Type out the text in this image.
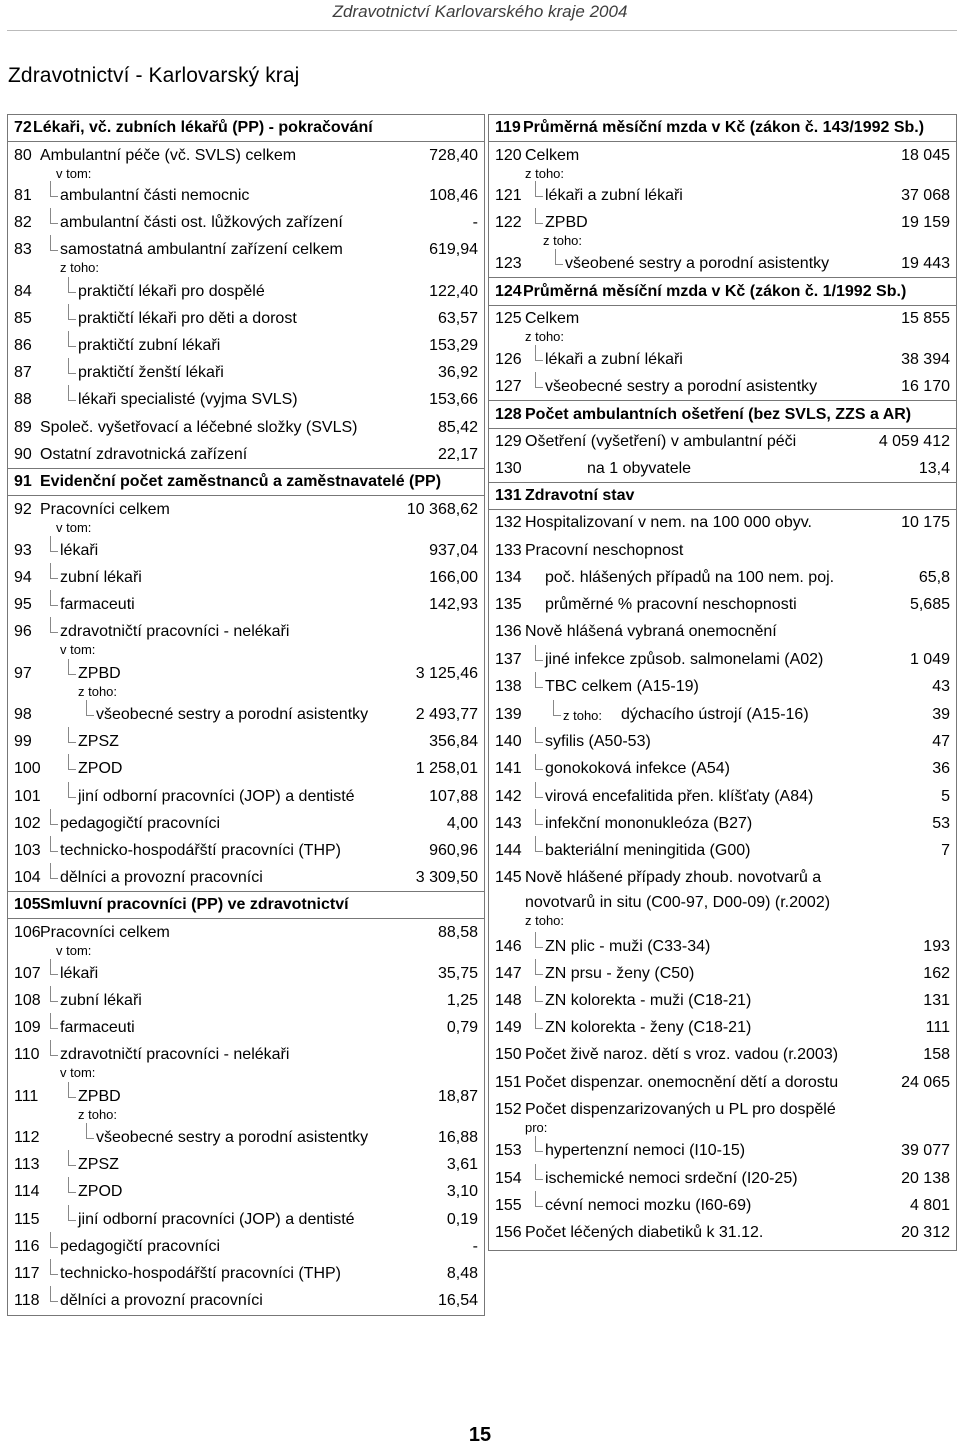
Zdravotnictví Karlovarského kraje 2004
Zdravotnictví - Karlovarský kraj
72 Lékaři, vč. zubních lékařů (PP) - pokračování
80 Ambulantní péče (vč. SVLS) celkem	728,40
v tom:
81	ambulantní části nemocnic	108,46
82	ambulantní části ost. lůžkových zařízení	-
83	samostatná ambulantní zařízení celkem	619,94
z toho:
84	praktičtí lékaři pro dospělé	122,40
85	praktičtí lékaři pro děti a dorost	63,57
86	praktičtí zubní lékaři	153,29
87	praktičtí ženští lékaři	36,92
88	lékaři specialisté (vyjma SVLS)	153,66
89 Společ. vyšetřovací a léčebné složky (SVLS)	85,42
90 Ostatní zdravotnická zařízení	22,17
91 Evidenční počet zaměstnanců a zaměstnavatelé (PP)
92 Pracovníci celkem	10 368,62
v tom:
93	lékaři	937,04
94	zubní lékaři	166,00
95	farmaceuti	142,93
96	zdravotničtí pracovníci - nelékaři
v tom:
97	ZPBD	3 125,46
z toho:
98	všeobecné sestry a porodní asistentky	2 493,77
99	ZPSZ	356,84
100 ZPOD	1 258,01
101 jiní odborní pracovníci (JOP) a dentisté	107,88
102 pedagogičtí pracovníci	4,00
103 technicko-hospodářští pracovníci (THP)	960,96
104 dělníci a provozní pracovníci	3 309,50
105 Smluvní pracovníci (PP) ve zdravotnictví
106 Pracovníci celkem	88,58
v tom:
107 lékaři	35,75
108 zubní lékaři	1,25
109 farmaceuti	0,79
110 zdravotničtí pracovníci - nelékaři
v tom:
111	ZPBD	18,87
z toho:
112	všeobecné sestry a porodní asistentky	16,88
113 ZPSZ	3,61
114 ZPOD	3,10
115 jiní odborní pracovníci (JOP) a dentisté	0,19
116 pedagogičtí pracovníci	-
117 technicko-hospodářští pracovníci (THP)	8,48
118 dělníci a provozní pracovníci	16,54
119 Průměrná měsíční mzda v Kč (zákon č. 143/1992 Sb.)
120 Celkem	18 045
z toho:
121 lékaři a zubní lékaři	37 068
122 ZPBD	19 159
z toho:
123	všeobené sestry a porodní asistentky	19 443
124 Průměrná měsíční mzda v Kč (zákon č. 1/1992 Sb.)
125 Celkem	15 855
z toho:
126 lékaři a zubní lékaři	38 394
127 všeobecné sestry a porodní asistentky	16 170
128 Počet ambulantních ošetření (bez SVLS, ZZS a AR)
129 Ošetření (vyšetření) v ambulantní péči	4 059 412
130	na 1 obyvatele	13,4
131 Zdravotní stav
132 Hospitalizovaní v nem. na 100 000 obyv.	10 175
133 Pracovní neschopnost
134 poč. hlášených případů na 100 nem. poj.	65,8
135 průměrné % pracovní neschopnosti	5,685
136 Nově hlášená vybraná onemocnění
137 jiné infekce způsob. salmonelami (A02)	1 049
138 TBC celkem (A15-19)	43
139	z toho: dýchacího ústrojí (A15-16)	39
140 syfilis (A50-53)	47
141 gonokoková infekce (A54)	36
142 virová encefalitida přen. klíšťaty (A84)	5
143 infekční mononukleóza (B27)	53
144 bakteriální meningitida (G00)	7
145 Nově hlášené případy zhoub. novotvarů a
novotvarů in situ (C00-97, D00-09) (r.2002)
z toho:
146 ZN plic - muži (C33-34)	193
147 ZN prsu - ženy (C50)	162
148 ZN kolorekta - muži (C18-21)	131
149 ZN kolorekta - ženy (C18-21)	111
150 Počet živě naroz. dětí s vroz. vadou (r.2003)	158
151 Počet dispenzar. onemocnění dětí a dorostu	24 065
152 Počet dispenzarizovaných u PL pro dospělé
pro:
153 hypertenzní nemoci (I10-15)	39 077
154 ischemické nemoci srdeční (I20-25)	20 138
155 cévní nemoci mozku (I60-69)	4 801
156 Počet léčených diabetiků k 31.12.	20 312
15
